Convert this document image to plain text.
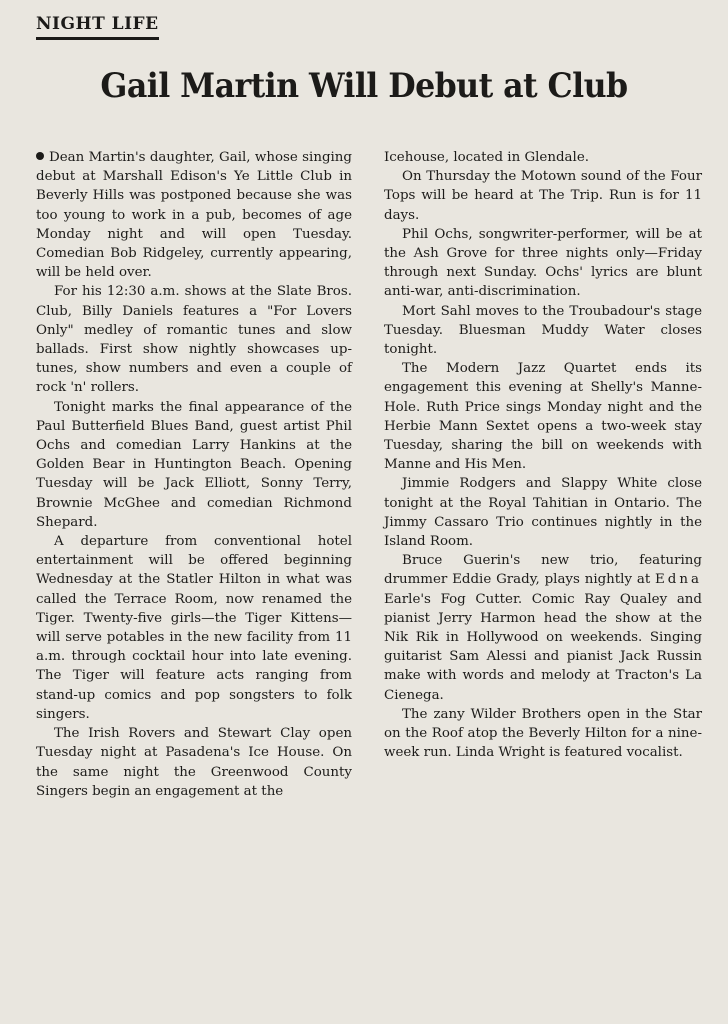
NIGHT LIFE
Gail Martin Will Debut at Club

Dean Martin's daughter, Gail, whose singing debut at Marshall Edison's Ye Little Club in Beverly Hills was postponed because she was too young to work in a pub, becomes of age Monday night and will open Tuesday. Comedian Bob Ridgeley, currently appearing, will be held over.

For his 12:30 a.m. shows at the Slate Bros. Club, Billy Daniels features a "For Lovers Only" medley of romantic tunes and slow ballads. First show nightly showcases up-tunes, show numbers and even a couple of rock 'n' rollers.

Tonight marks the final appearance of the Paul Butterfield Blues Band, guest artist Phil Ochs and comedian Larry Hankins at the Golden Bear in Huntington Beach. Opening Tuesday will be Jack Elliott, Sonny Terry, Brownie McGhee and comedian Richmond Shepard.

A departure from conventional hotel entertainment will be offered beginning Wednesday at the Statler Hilton in what was called the Terrace Room, now renamed the Tiger. Twenty-five girls—the Tiger Kittens—will serve potables in the new facility from 11 a.m. through cocktail hour into late evening. The Tiger will feature acts ranging from stand-up comics and pop songsters to folk singers.

The Irish Rovers and Stewart Clay open Tuesday night at Pasadena's Ice House. On the same night the Greenwood County Singers begin an engagement at the

Icehouse, located in Glendale.

On Thursday the Motown sound of the Four Tops will be heard at The Trip. Run is for 11 days.

Phil Ochs, songwriter-performer, will be at the Ash Grove for three nights only—Friday through next Sunday. Ochs' lyrics are blunt anti-war, anti-discrimination.

Mort Sahl moves to the Troubadour's stage Tuesday. Bluesman Muddy Water closes tonight.

The Modern Jazz Quartet ends its engagement this evening at Shelly's Manne-Hole. Ruth Price sings Monday night and the Herbie Mann Sextet opens a two-week stay Tuesday, sharing the bill on weekends with Manne and His Men.

Jimmie Rodgers and Slappy White close tonight at the Royal Tahitian in Ontario. The Jimmy Cassaro Trio continues nightly in the Island Room.

Bruce Guerin's new trio, featuring drummer Eddie Grady, plays nightly at Edna Earle's Fog Cutter. Comic Ray Qualey and pianist Jerry Harmon head the show at the Nik Rik in Hollywood on weekends. Singing guitarist Sam Alessi and pianist Jack Russin make with words and melody at Tracton's La Cienega.

The zany Wilder Brothers open in the Star on the Roof atop the Beverly Hilton for a nine-week run. Linda Wright is featured vocalist.
